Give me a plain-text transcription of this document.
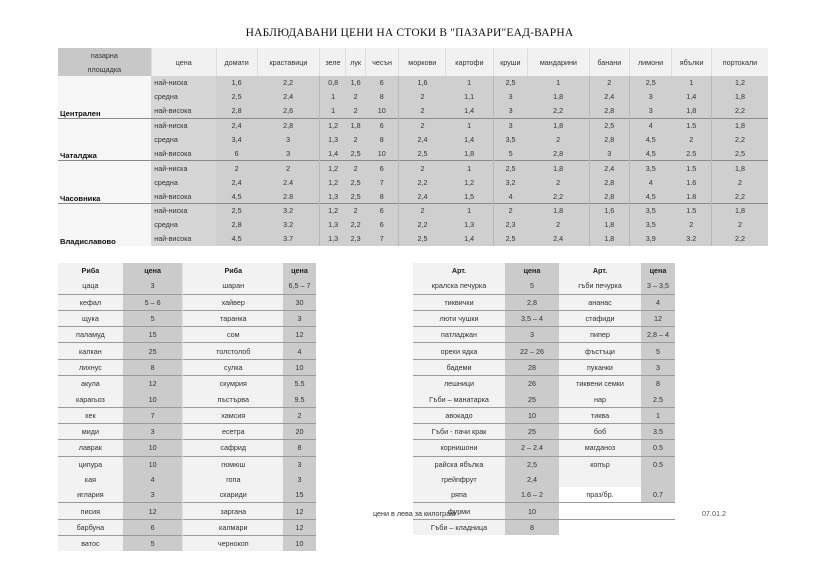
НАБЛЮДАВАНИ ЦЕНИ НА СТОКИ В "ПАЗАРИ"ЕАД-ВАРНА
пазарна	цена	домати	краставици	зеле	лук	чесън	моркови	картофи	круши	мандарини	банани	лимони	ябълки	портокали
площадка														
Централен	най-ниска	1,6	2,2	0,8	1,6	6	1,6	1	2,5	1	2	2,5	1	1,2
	средна	2,5	2,4	1	2	8	2	1,1	3	1,8	2,4	3	1,4	1,8
	най-висока	2,8	2,6	1	2	10	2	1,4	3	2,2	2,8	3	1,8	2,2
Чаталджа	най-ниска	2,4	2,8	1,2	1,8	6	2	1	3	1,8	2,5	4	1.5	1,8
	средна	3,4	3	1,3	2	8	2,4	1,4	3,5	2	2,8	4,5	2	2,2
	най-висока	6	3	1,4	2,5	10	2,5	1,8	5	2,8	3	4,5	2.5	2,5
Часовника	най-ниска	2	2	1,2	2	6	2	1	2,5	1,8	2,4	3,5	1.5	1,8
	средна	2,4	2.4	1,2	2,5	7	2,2	1,2	3,2	2	2,8	4	1.6	2
	най-висока	4,5	2.8	1,3	2,5	8	2,4	1,5	4	2,2	2,8	4,5	1.8	2,2
Владиславово	най-ниска	2,5	3.2	1,2	2	6	2	1	2	1,8	1,6	3,5	1.5	1,8
	средна	2,8	3.2	1,3	2,2	6	2,2	1,3	2,3	2	1,8	3,5	2	2
	най-висока	4,5	3.7	1,3	2,3	7	2,5	1,4	2,5	2,4	1,8	3,9	3.2	2,2
Риба	цена	Риба	цена
цаца	3	шаран	6,5 – 7
кефал	5 – 6	хайвер	30
щука	5	таранка	3
паламуд	15	сом	12
калкан	25	толстолоб	4
лихнус	8	сулка	10
акула	12	скумрия	5.5
карагьоз	10	пъстърва	9.5
хек	7	хамсия	2
миди	3	есетра	20
лаврак	10	сафрид	8
ципура	10	гюмюш	3
кая	4	гопа	3
иглария	3	скариди	15
писия	12	зарганa	12
барбуна	6	калмари	12
ватос	5	чернокоп	10
Арт.	цена	Арт.	цена
кралска печурка	5	гъби печурка	3 – 3,5
тиквички	2,8	ананас	4
люти чушки	3,5 – 4	стафиди	12
патладжан	3	пипер	2,8 – 4
орехи ядка	22 – 26	фъстъци	5
бадеми	28	пуканки	3
лешници	26	тиквени семки	8
Гъби – манатарка	25	нар	2.5
авокадо	10	тиква	1
Гъби - пачи крак	25	боб	3.5
корнишони	2 – 2.4	магданоз	0.5
райска ябълка	2,5	копър	0.5
грейпфрут	2,4		
ряпа	1.6 – 2	праз/бр.	0.7
фурми	10		
Гъби – кладница	8		
цени в лева за килограм	07.01.2
